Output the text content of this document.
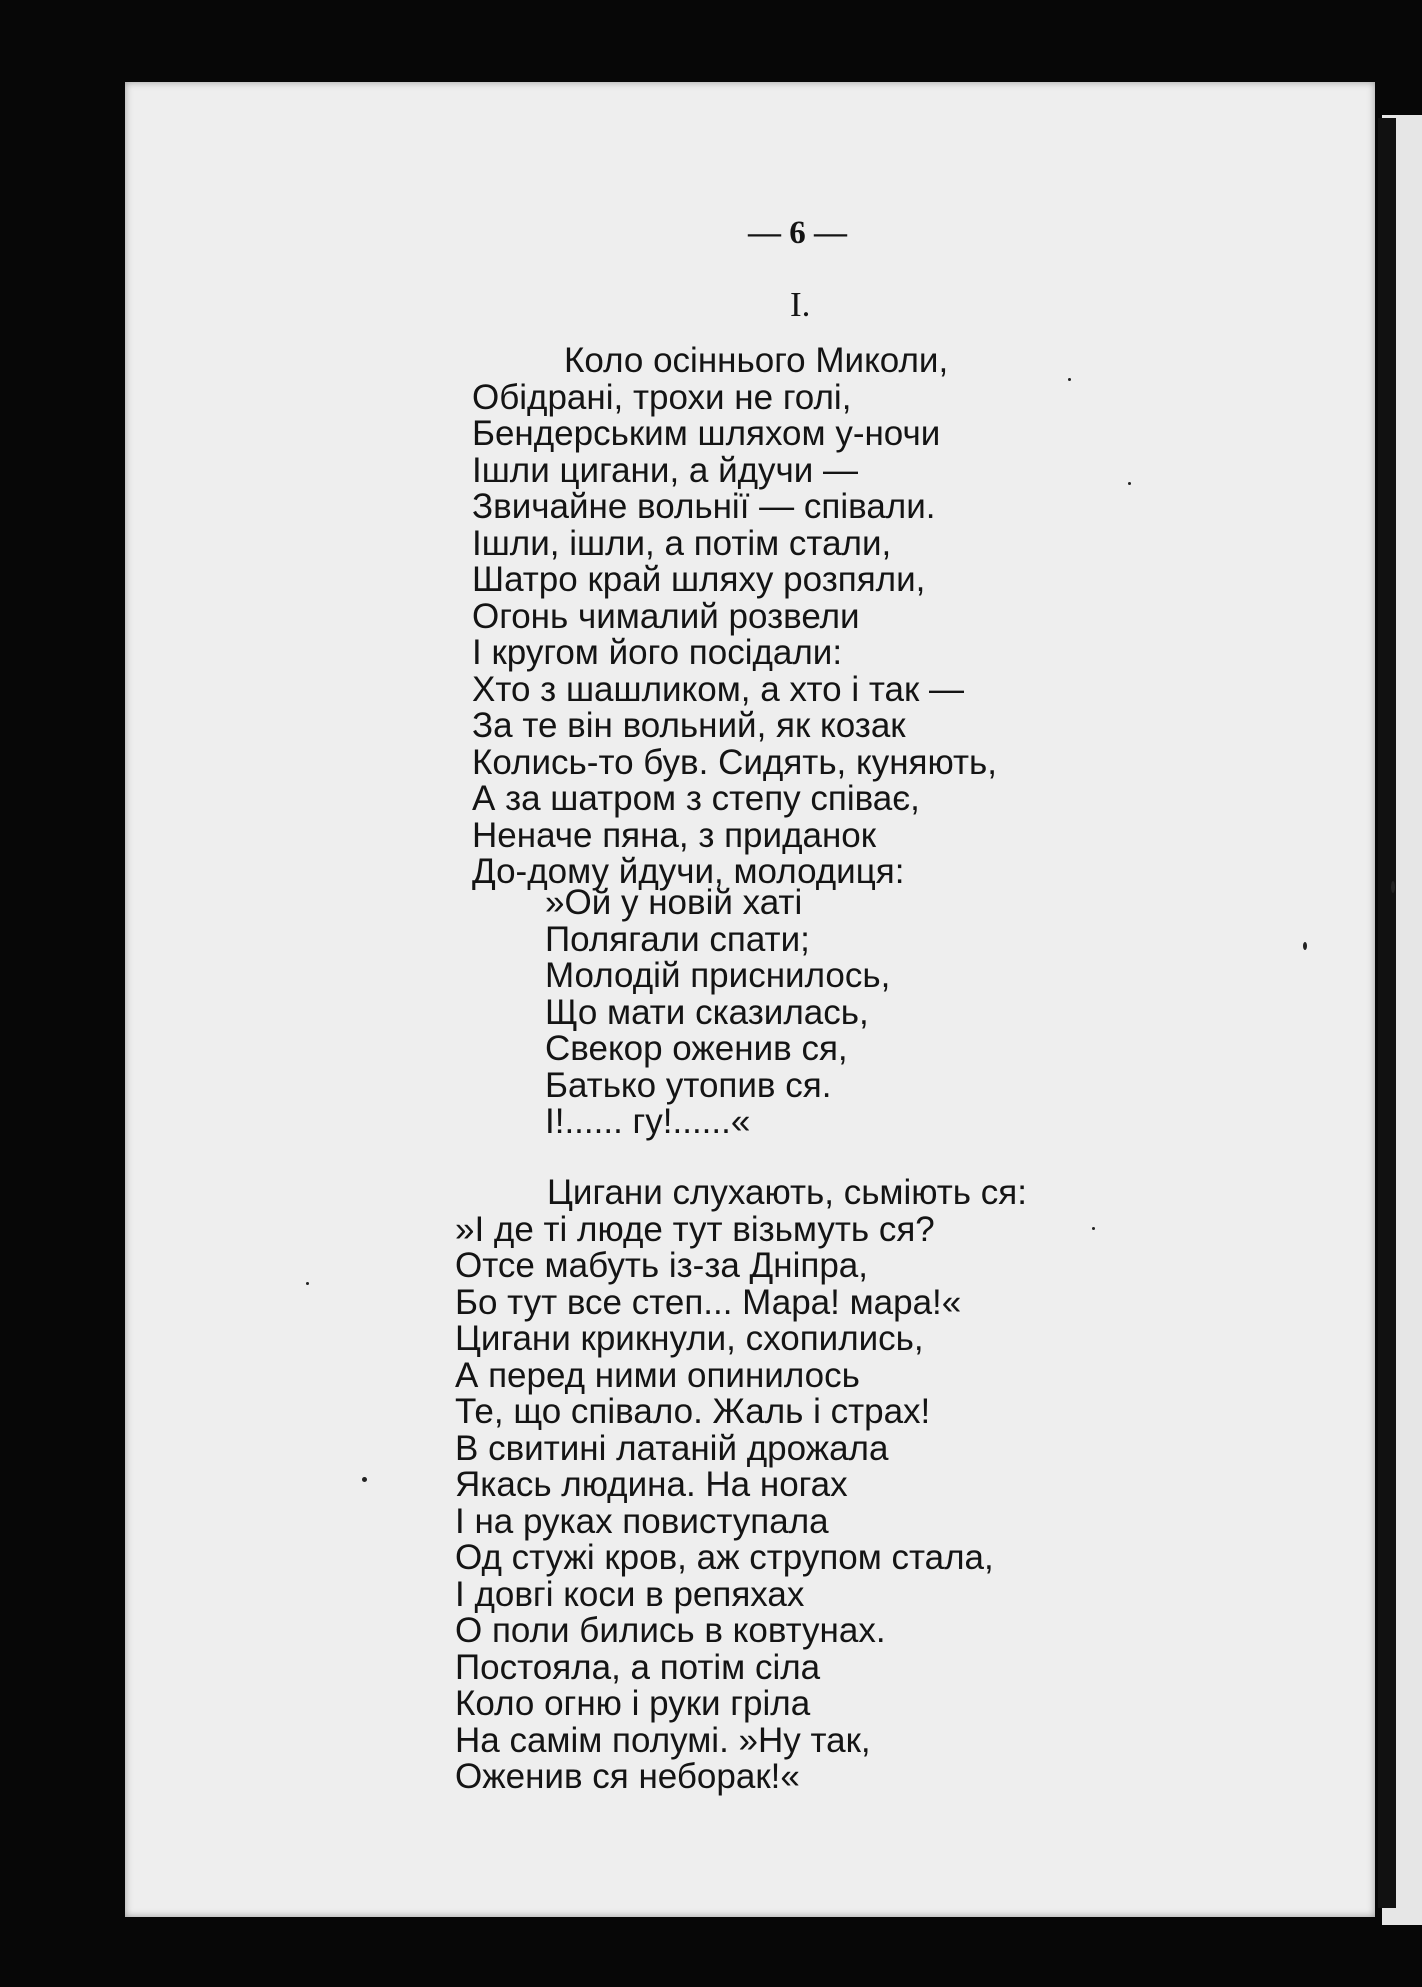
— 6 —
I.
Коло осіннього Миколи,
Обідрані, трохи не голі,
Бендерським шляхом у-ночи
Ішли цигани, а йдучи —
Звичайне вольнії — співали.
Ішли, ішли, а потім стали,
Шатро край шляху розпяли,
Огонь чималий розвели
І кругом його посідали:
Хто з шашликом, а хто і так —
За те він вольний, як козак
Колись-то був. Сидять, куняють,
А за шатром з степу співає,
Неначе пяна, з приданок
До-дому йдучи, молодиця:
»Ой у новій хаті
Полягали спати;
Молодій приснилось,
Що мати сказилась,
Свекор оженив ся,
Батько утопив ся.
І!...... гу!......«
Цигани слухають, сьміють ся:
»І де ті люде тут візьмуть ся?
Отсе мабуть із-за Дніпра,
Бо тут все степ... Мара! мара!«
Цигани крикнули, схопились,
А перед ними опинилось
Те, що співало. Жаль і страх!
В свитині латаній дрожала
Якась людина. На ногах
І на руках повиступала
Од стужі кров, аж струпом стала,
І довгі коси в репяхах
О поли бились в ковтунах.
Постояла, а потім сіла
Коло огню і руки гріла
На самім полумі. »Ну так,
Оженив ся неборак!«
